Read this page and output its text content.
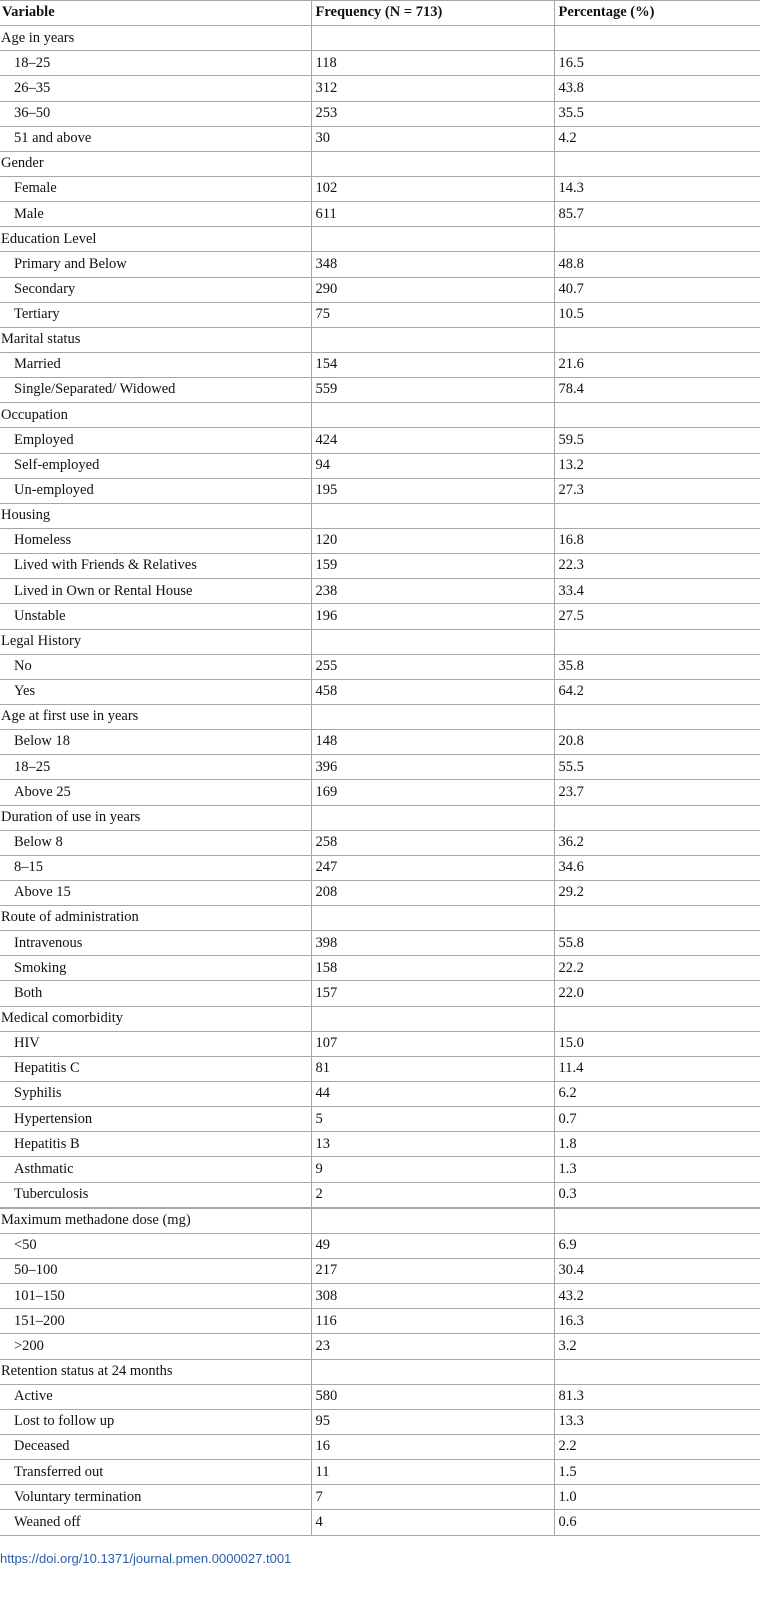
Variable	Frequency (N = 713)	Percentage (%)
Age in years		
18–25	118	16.5
26–35	312	43.8
36–50	253	35.5
51 and above	30	4.2
Gender		
Female	102	14.3
Male	611	85.7
Education Level		
Primary and Below	348	48.8
Secondary	290	40.7
Tertiary	75	10.5
Marital status		
Married	154	21.6
Single/Separated/ Widowed	559	78.4
Occupation		
Employed	424	59.5
Self-employed	94	13.2
Un-employed	195	27.3
Housing		
Homeless	120	16.8
Lived with Friends & Relatives	159	22.3
Lived in Own or Rental House	238	33.4
Unstable	196	27.5
Legal History		
No	255	35.8
Yes	458	64.2
Age at first use in years		
Below 18	148	20.8
18–25	396	55.5
Above 25	169	23.7
Duration of use in years		
Below 8	258	36.2
8–15	247	34.6
Above 15	208	29.2
Route of administration		
Intravenous	398	55.8
Smoking	158	22.2
Both	157	22.0
Medical comorbidity		
HIV	107	15.0
Hepatitis C	81	11.4
Syphilis	44	6.2
Hypertension	5	0.7
Hepatitis B	13	1.8
Asthmatic	9	1.3
Tuberculosis	2	0.3
Maximum methadone dose (mg)		
<50	49	6.9
50–100	217	30.4
101–150	308	43.2
151–200	116	16.3
>200	23	3.2
Retention status at 24 months		
Active	580	81.3
Lost to follow up	95	13.3
Deceased	16	2.2
Transferred out	11	1.5
Voluntary termination	7	1.0
Weaned off	4	0.6
https://doi.org/10.1371/journal.pmen.0000027.t001
